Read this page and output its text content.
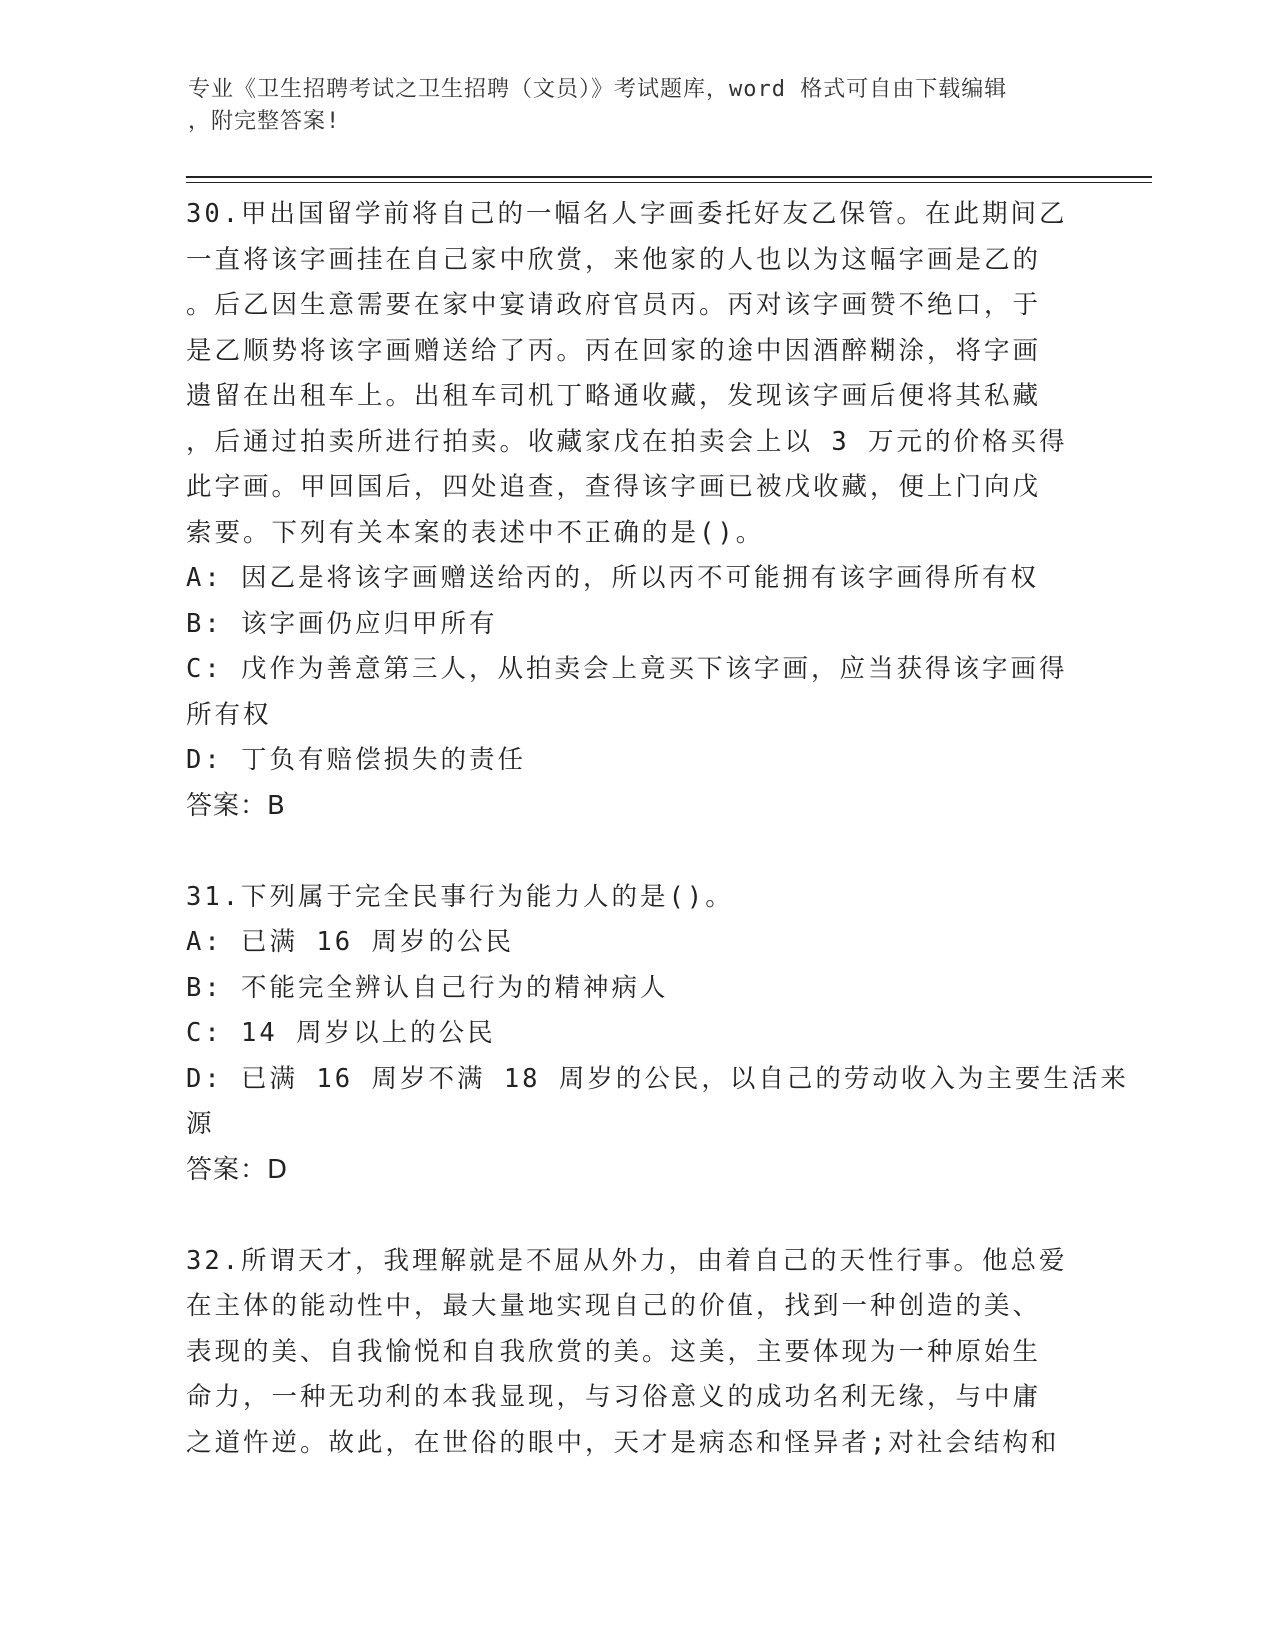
专业《卫生招聘考试之卫生招聘（文员）》考试题库，word 格式可自由下载编辑
，附完整答案!
30.甲出国留学前将自己的一幅名人字画委托好友乙保管。在此期间乙
一直将该字画挂在自己家中欣赏，来他家的人也以为这幅字画是乙的
。后乙因生意需要在家中宴请政府官员丙。丙对该字画赞不绝口，于
是乙顺势将该字画赠送给了丙。丙在回家的途中因酒醉糊涂，将字画
遗留在出租车上。出租车司机丁略通收藏，发现该字画后便将其私藏
，后通过拍卖所进行拍卖。收藏家戊在拍卖会上以 3 万元的价格买得
此字画。甲回国后，四处追查，查得该字画已被戊收藏，便上门向戊
索要。下列有关本案的表述中不正确的是()。
A: 因乙是将该字画赠送给丙的，所以丙不可能拥有该字画得所有权
B: 该字画仍应归甲所有
C: 戊作为善意第三人，从拍卖会上竟买下该字画，应当获得该字画得
所有权
D: 丁负有赔偿损失的责任
答案：B
31.下列属于完全民事行为能力人的是()。
A: 已满 16 周岁的公民
B: 不能完全辨认自己行为的精神病人
C: 14 周岁以上的公民
D: 已满 16 周岁不满 18 周岁的公民，以自己的劳动收入为主要生活来
源
答案：D
32.所谓天才，我理解就是不屈从外力，由着自己的天性行事。他总爱
在主体的能动性中，最大量地实现自己的价值，找到一种创造的美、
表现的美、自我愉悦和自我欣赏的美。这美，主要体现为一种原始生
命力，一种无功利的本我显现，与习俗意义的成功名利无缘，与中庸
之道忤逆。故此，在世俗的眼中，天才是病态和怪异者;对社会结构和
